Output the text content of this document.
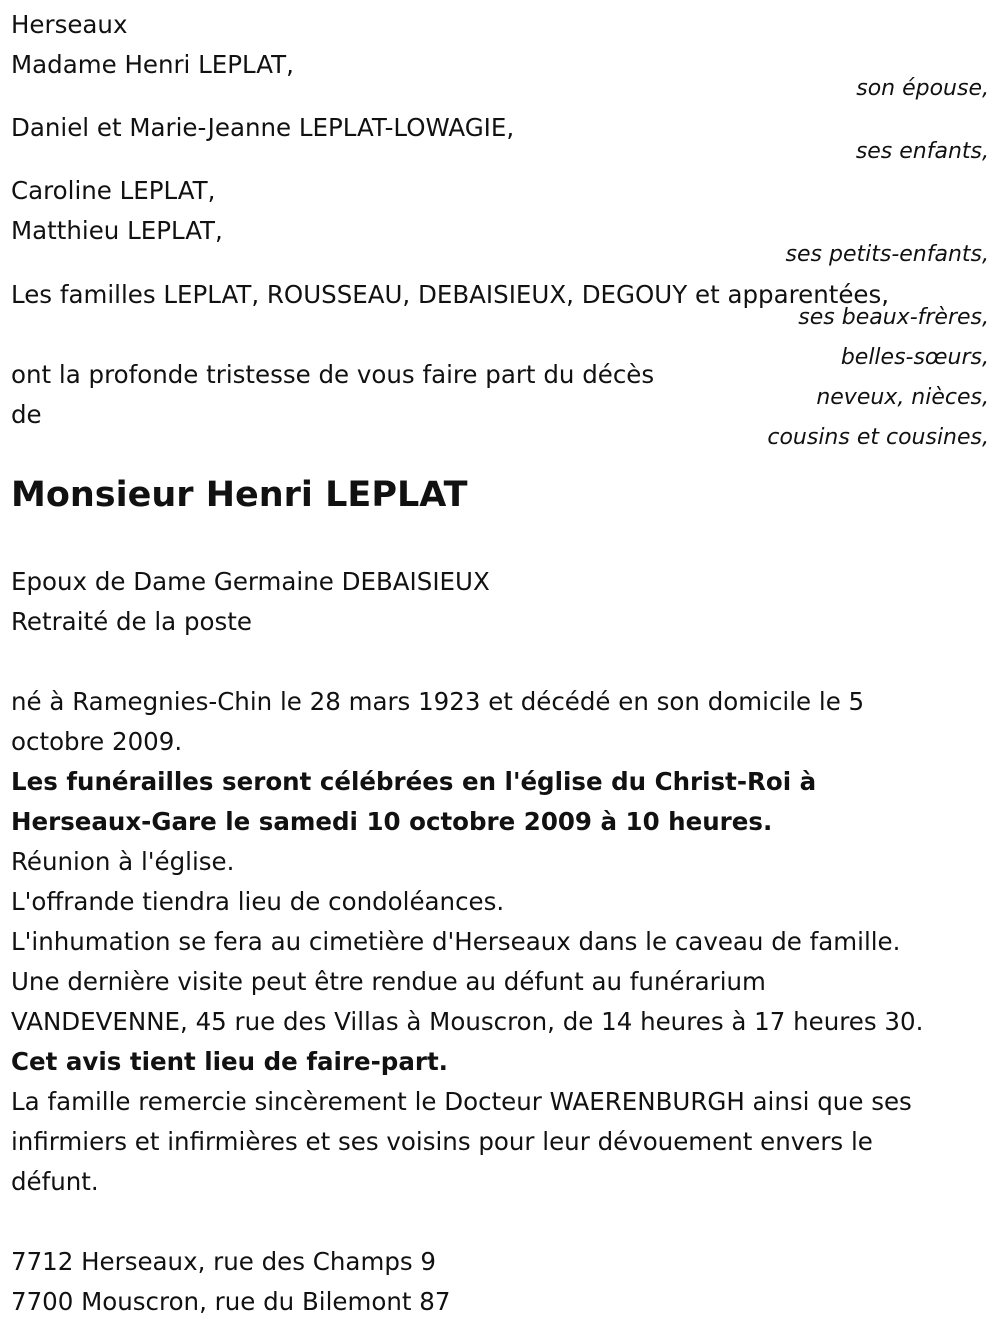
Herseaux

Madame Henri LEPLAT,

son épouse,

Daniel et Marie-Jeanne LEPLAT-LOWAGIE,

ses enfants,

Caroline LEPLAT,

Matthieu LEPLAT,

ses petits-enfants,

Les familles LEPLAT, ROUSSEAU, DEBAISIEUX, DEGOUY et apparentées,

ses beaux-frères,

belles-sœurs,

neveux, nièces,

cousins et cousines,

ont la profonde tristesse de vous faire part du décès

de

Monsieur Henri LEPLAT

Epoux de Dame Germaine DEBAISIEUX

Retraité de la poste

né à Ramegnies-Chin le 28 mars 1923 et décédé en son domicile le 5

octobre 2009.

Les funérailles seront célébrées en l'église du Christ-Roi à

Herseaux-Gare le samedi 10 octobre 2009 à 10 heures.

Réunion à l'église.

L'offrande tiendra lieu de condoléances.

L'inhumation se fera au cimetière d'Herseaux dans le caveau de famille.

Une dernière visite peut être rendue au défunt au funérarium

VANDEVENNE, 45 rue des Villas à Mouscron, de 14 heures à 17 heures 30.

Cet avis tient lieu de faire-part.

La famille remercie sincèrement le Docteur WAERENBURGH ainsi que ses

infirmiers et infirmières et ses voisins pour leur dévouement envers le

défunt.

7712 Herseaux, rue des Champs 9

7700 Mouscron, rue du Bilemont 87
